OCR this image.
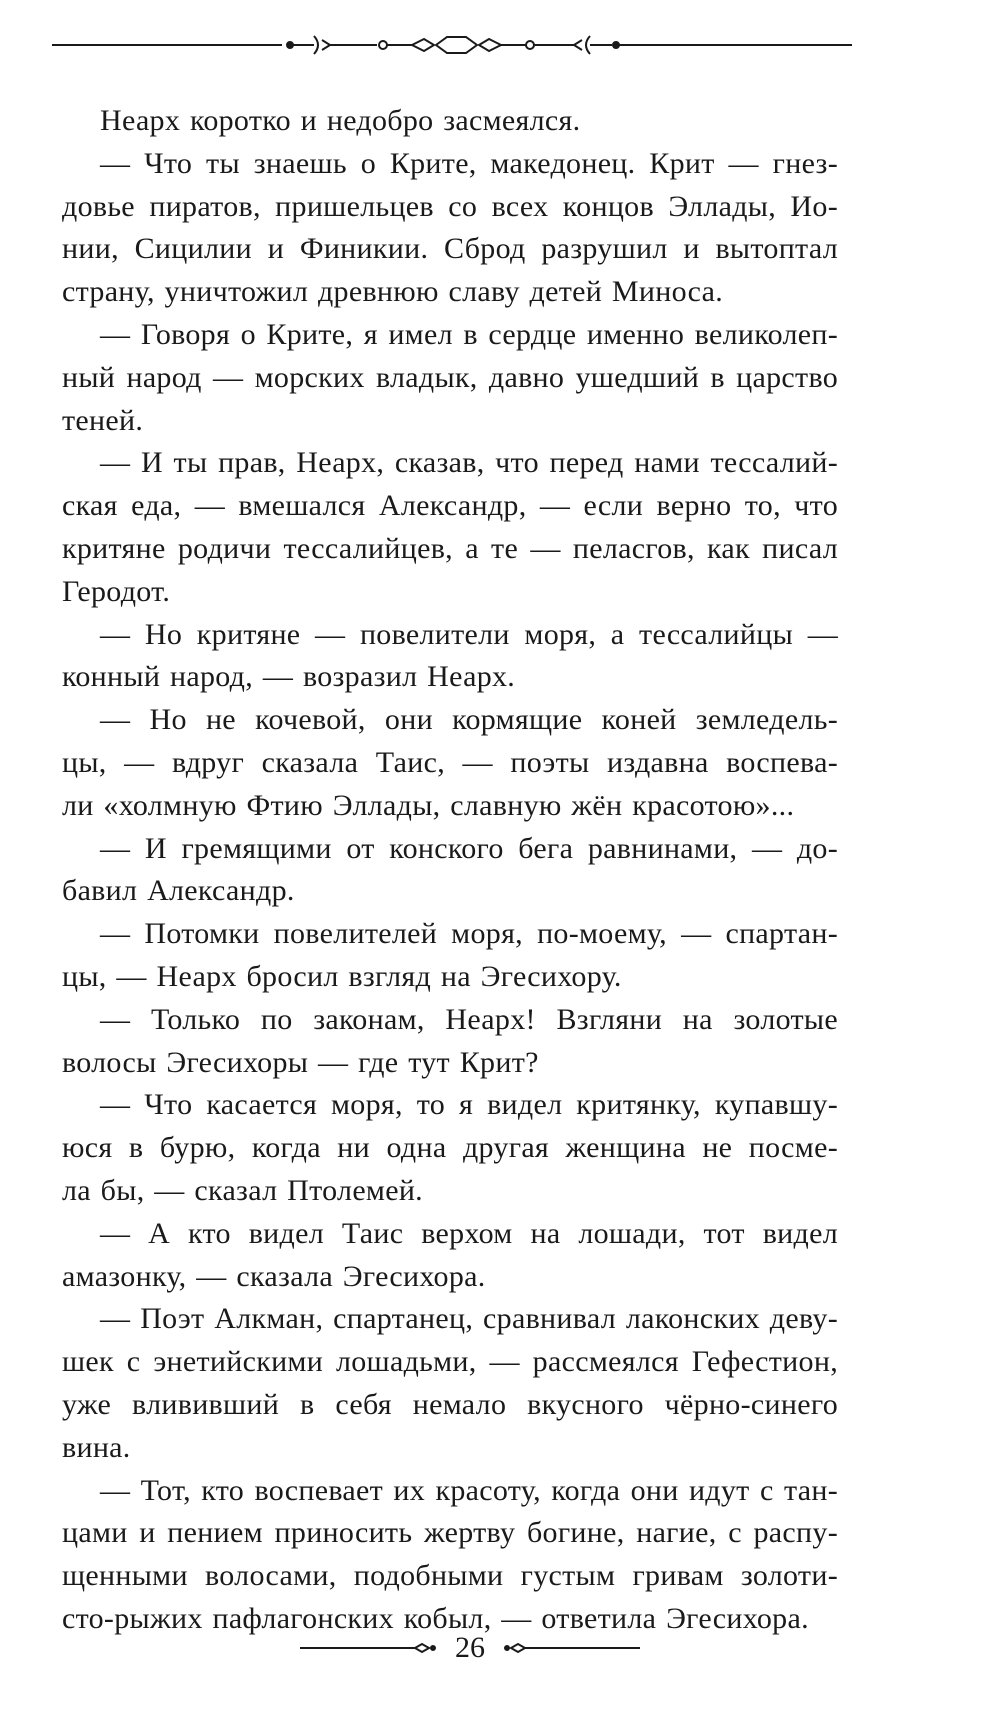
Неарх коротко и недобро засмеялся.

— Что ты знаешь о Крите, македонец. Крит — гнез-
довье пиратов, пришельцев со всех концов Эллады, Ио-
нии, Сицилии и Финикии. Сброд разрушил и вытоптал
страну, уничтожил древнюю славу детей Миноса.

— Говоря о Крите, я имел в сердце именно великолеп-
ный народ — морских владык, давно ушедший в царство
теней.

— И ты прав, Неарх, сказав, что перед нами тессалий-
ская еда, — вмешался Александр, — если верно то, что
критяне родичи тессалийцев, а те — пеласгов, как писал
Геродот.

— Но критяне — повелители моря, а тессалийцы —
конный народ, — возразил Неарх.

— Но не кочевой, они кормящие коней земледель-
цы, — вдруг сказала Таис, — поэты издавна воспева-
ли «холмную Фтию Эллады, славную жён красотою»...

— И гремящими от конского бега равнинами, — до-
бавил Александр.

— Потомки повелителей моря, по-моему, — спартан-
цы, — Неарх бросил взгляд на Эгесихору.

— Только по законам, Неарх! Взгляни на золотые
волосы Эгесихоры — где тут Крит?

— Что касается моря, то я видел критянку, купавшу-
юся в бурю, когда ни одна другая женщина не посме-
ла бы, — сказал Птолемей.

— А кто видел Таис верхом на лошади, тот видел
амазонку, — сказала Эгесихора.

— Поэт Алкман, спартанец, сравнивал лаконских деву-
шек с энетийскими лошадьми, — рассмеялся Гефестион,
уже влививший в себя немало вкусного чёрно-синего вина.

— Тот, кто воспевает их красоту, когда они идут с тан-
цами и пением приносить жертву богине, нагие, с распу-
щенными волосами, подобными густым гривам золоти-
сто-рыжих пафлагонских кобыл, — ответила Эгесихора.

26
